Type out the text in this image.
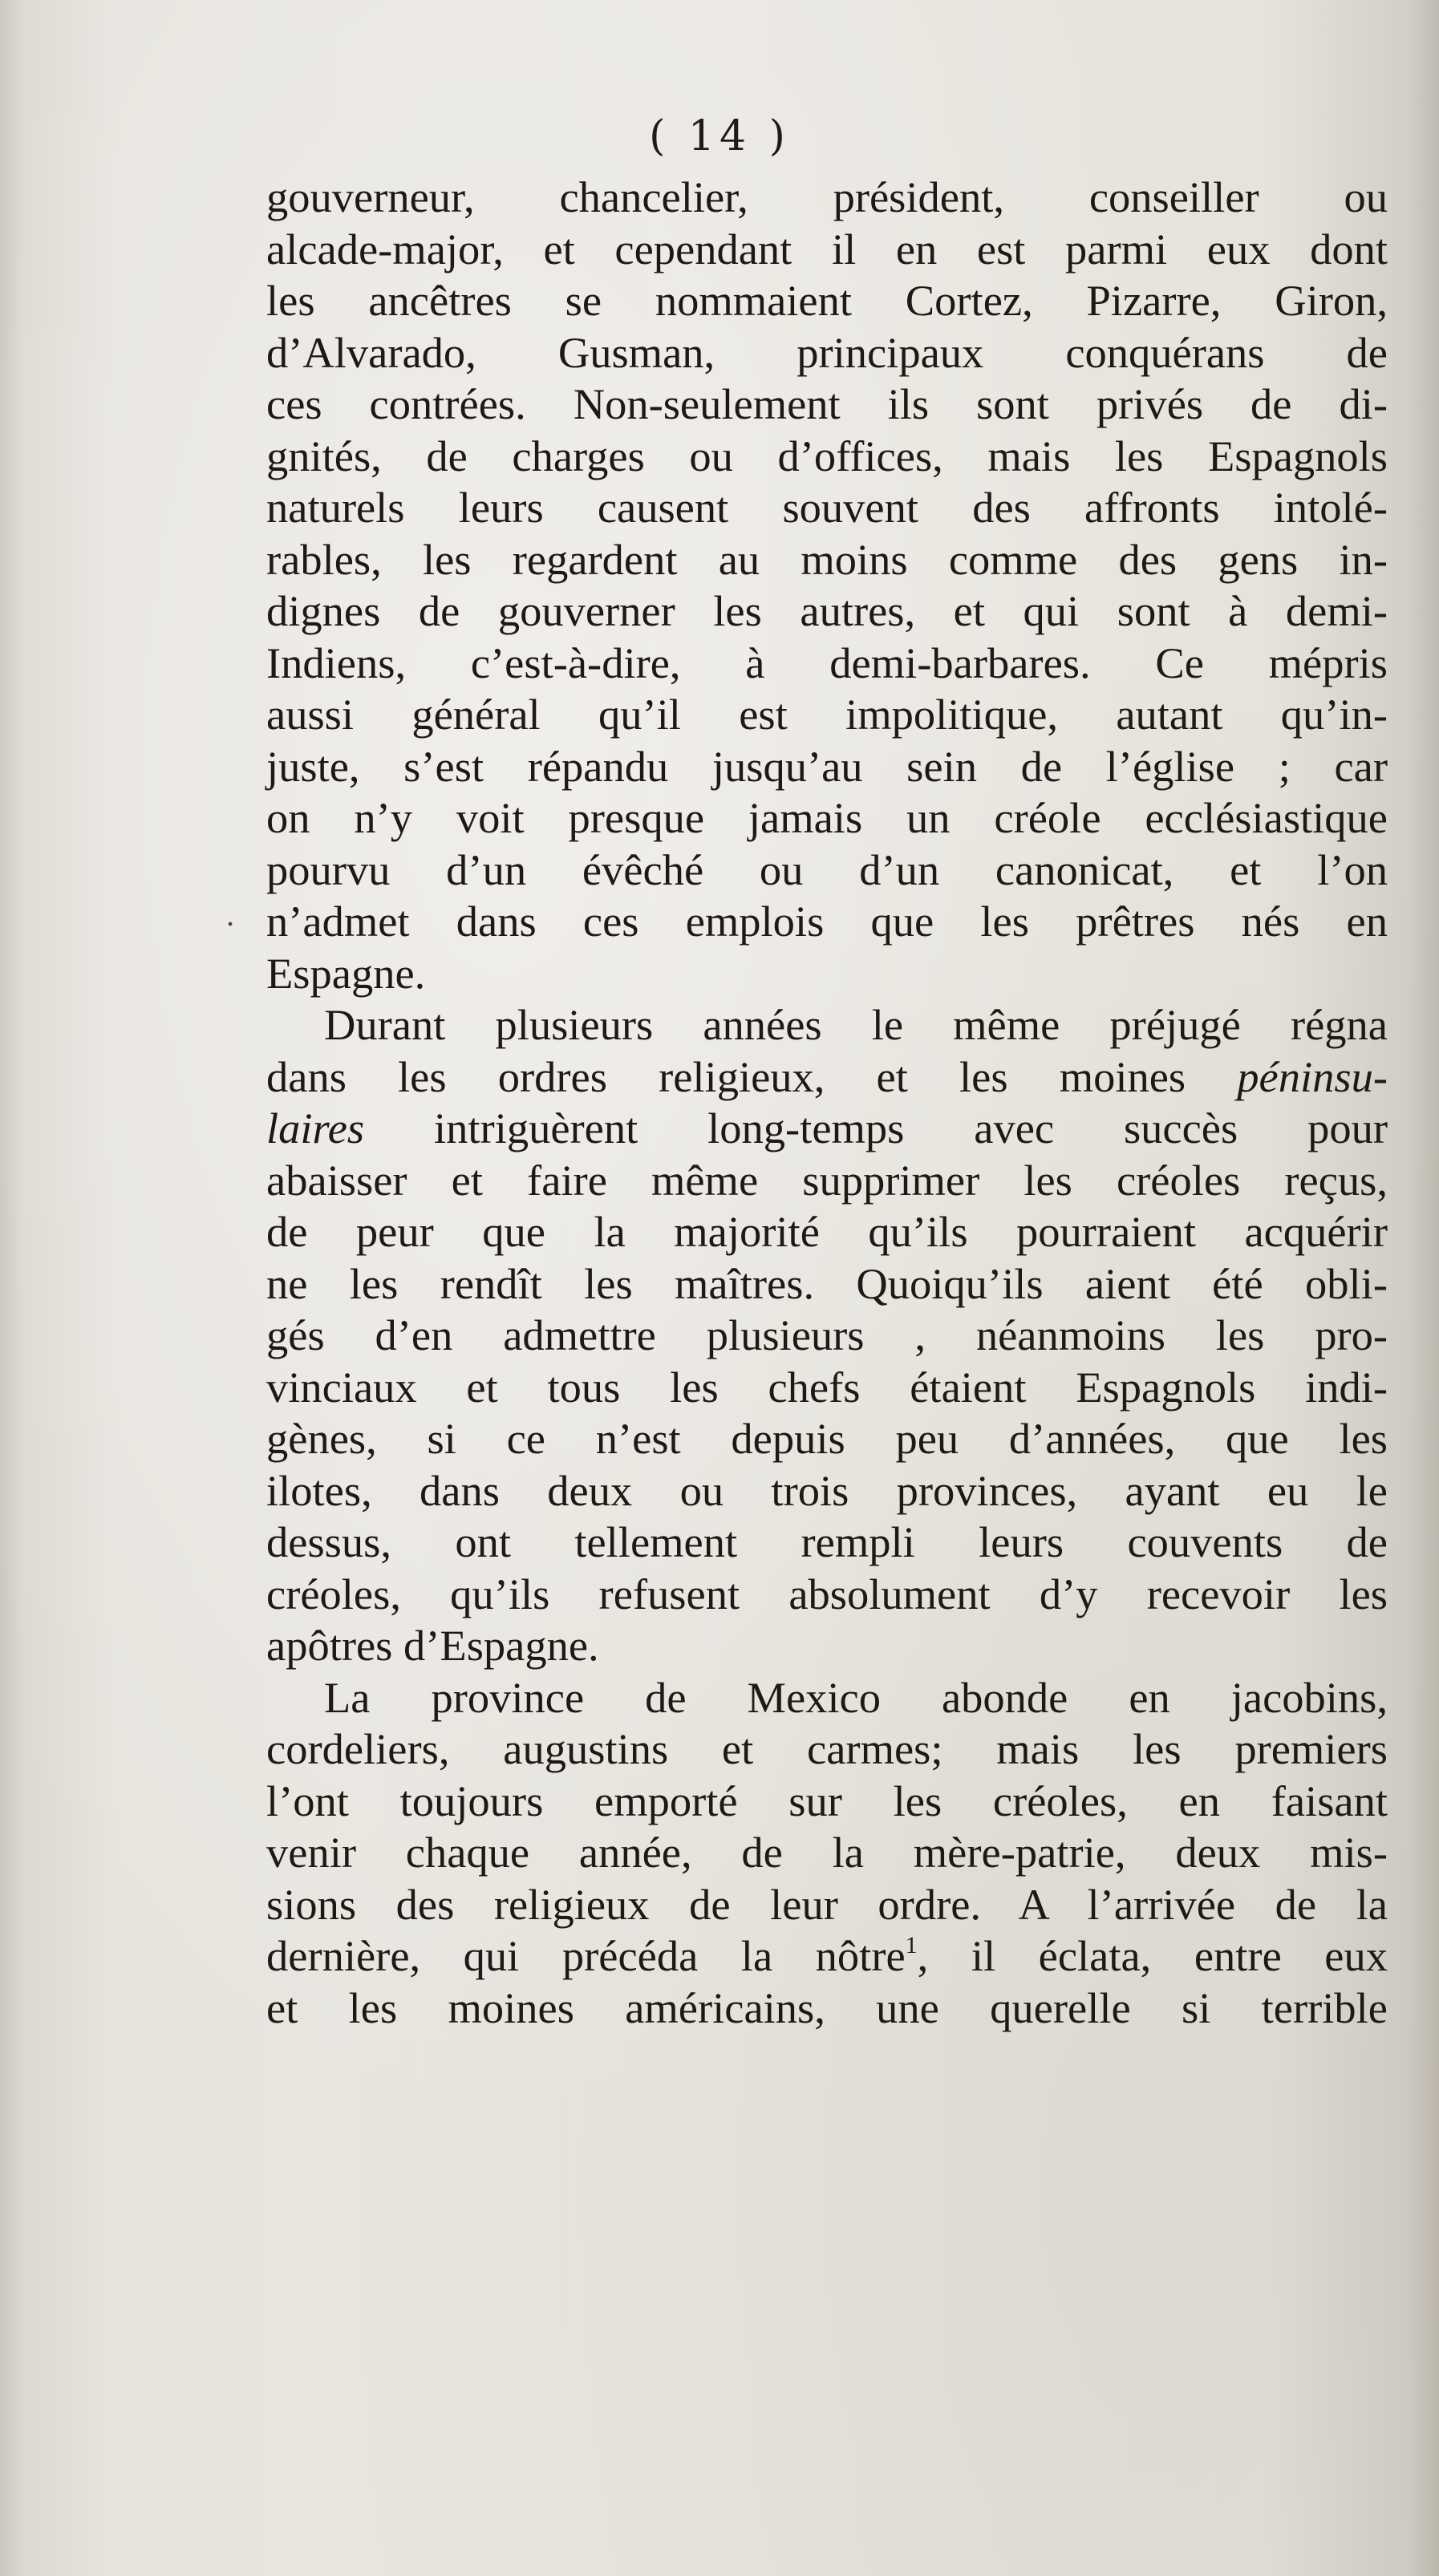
( 14 )
.
gouverneur, chancelier, président, conseiller ou
alcade-major, et cependant il en est parmi eux dont
les ancêtres se nommaient Cortez, Pizarre, Giron,
d’Alvarado, Gusman, principaux conquérans de
ces contrées. Non-seulement ils sont privés de di-
gnités, de charges ou d’offices, mais les Espagnols
naturels leurs causent souvent des affronts intolé-
rables, les regardent au moins comme des gens in-
dignes de gouverner les autres, et qui sont à demi-
Indiens, c’est-à-dire, à demi-barbares. Ce mépris
aussi général qu’il est impolitique, autant qu’in-
juste, s’est répandu jusqu’au sein de l’église ; car
on n’y voit presque jamais un créole ecclésiastique
pourvu d’un évêché ou d’un canonicat, et l’on
n’admet dans ces emplois que les prêtres nés en
Espagne.
Durant plusieurs années le même préjugé régna
dans les ordres religieux, et les moines péninsu-
laires intriguèrent long-temps avec succès pour
abaisser et faire même supprimer les créoles reçus,
de peur que la majorité qu’ils pourraient acquérir
ne les rendît les maîtres. Quoiqu’ils aient été obli-
gés d’en admettre plusieurs , néanmoins les pro-
vinciaux et tous les chefs étaient Espagnols indi-
gènes, si ce n’est depuis peu d’années, que les
ilotes, dans deux ou trois provinces, ayant eu le
dessus, ont tellement rempli leurs couvents de
créoles, qu’ils refusent absolument d’y recevoir les
apôtres d’Espagne.
La province de Mexico abonde en jacobins,
cordeliers, augustins et carmes; mais les premiers
l’ont toujours emporté sur les créoles, en faisant
venir chaque année, de la mère-patrie, deux mis-
sions des religieux de leur ordre. A l’arrivée de la
dernière, qui précéda la nôtre$^1$, il éclata, entre eux
et les moines américains, une querelle si terrible
